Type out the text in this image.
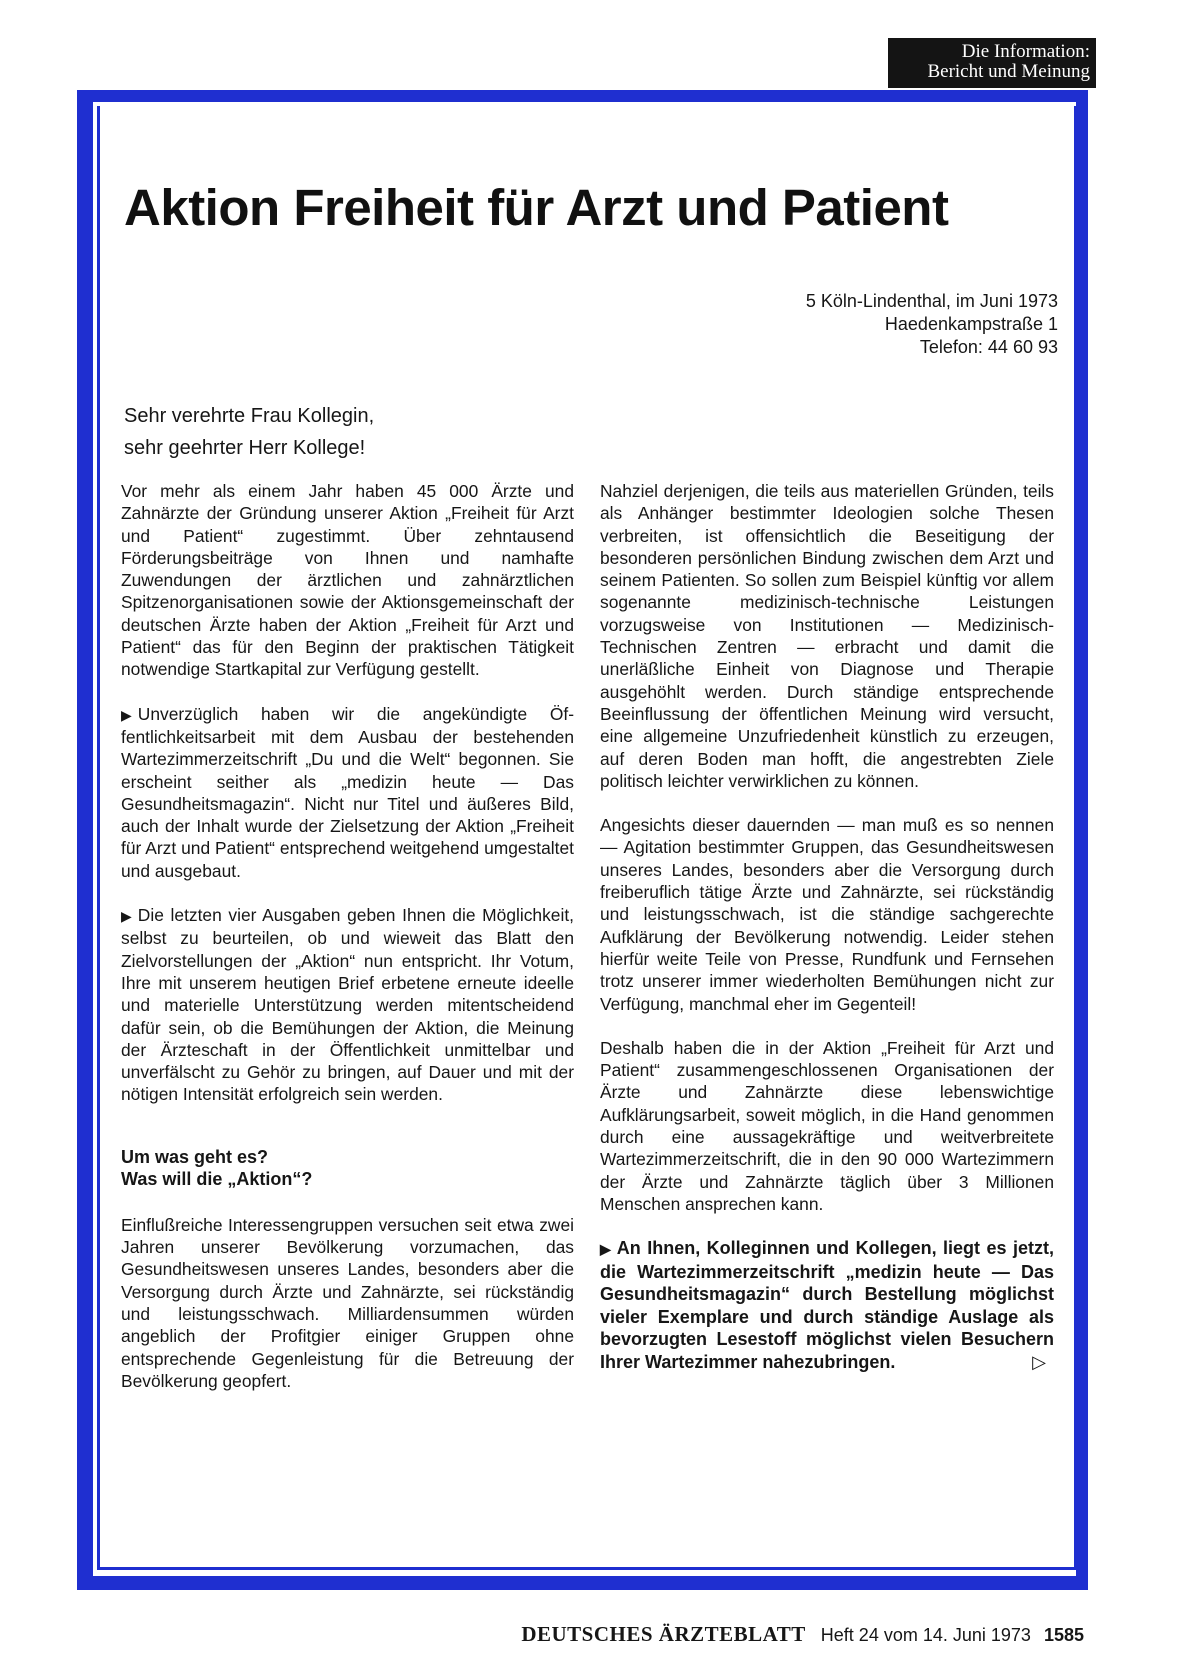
Die Information:
Bericht und Meinung
Aktion Freiheit für Arzt und Patient
5 Köln-Lindenthal, im Juni 1973
Haedenkampstraße 1
Telefon: 44 60 93
Sehr verehrte Frau Kollegin,
sehr geehrter Herr Kollege!

Vor mehr als einem Jahr haben 45 000 Ärzte und Zahnärzte der Gründung unserer Aktion „Freiheit für Arzt und Patient“ zugestimmt. Über zehntausend Förderungsbeiträge von Ihnen und namhafte Zuwendungen der ärztlichen und zahnärztlichen Spitzenorganisationen sowie der Aktionsgemeinschaft der deutschen Ärzte haben der Aktion „Freiheit für Arzt und Patient“ das für den Beginn der praktischen Tätigkeit notwendige Startkapital zur Verfügung gestellt.

▶ Unverzüglich haben wir die angekündigte Öffentlichkeitsarbeit mit dem Ausbau der bestehenden Wartezimmerzeitschrift „Du und die Welt“ begonnen. Sie erscheint seither als „medizin heute — Das Gesundheitsmagazin“. Nicht nur Titel und äußeres Bild, auch der Inhalt wurde der Zielsetzung der Aktion „Freiheit für Arzt und Patient“ entsprechend weitgehend umgestaltet und ausgebaut.

▶ Die letzten vier Ausgaben geben Ihnen die Möglichkeit, selbst zu beurteilen, ob und wieweit das Blatt den Zielvorstellungen der „Aktion“ nun entspricht. Ihr Votum, Ihre mit unserem heutigen Brief erbetene erneute ideelle und materielle Unterstützung werden mitentscheidend dafür sein, ob die Bemühungen der Aktion, die Meinung der Ärzteschaft in der Öffentlichkeit unmittelbar und unverfälscht zu Gehör zu bringen, auf Dauer und mit der nötigen Intensität erfolgreich sein werden.

Um was geht es?
Was will die „Aktion“?

Einflußreiche Interessengruppen versuchen seit etwa zwei Jahren unserer Bevölkerung vorzumachen, das Gesundheitswesen unseres Landes, besonders aber die Versorgung durch Ärzte und Zahnärzte, sei rückständig und leistungsschwach. Milliardensummen würden angeblich der Profitgier einiger Gruppen ohne entsprechende Gegenleistung für die Betreuung der Bevölkerung geopfert.

Nahziel derjenigen, die teils aus materiellen Gründen, teils als Anhänger bestimmter Ideologien solche Thesen verbreiten, ist offensichtlich die Beseitigung der besonderen persönlichen Bindung zwischen dem Arzt und seinem Patienten. So sollen zum Beispiel künftig vor allem sogenannte medizinisch-technische Leistungen vorzugsweise von Institutionen — Medizinisch-Technischen Zentren — erbracht und damit die unerläßliche Einheit von Diagnose und Therapie ausgehöhlt werden. Durch ständige entsprechende Beeinflussung der öffentlichen Meinung wird versucht, eine allgemeine Unzufriedenheit künstlich zu erzeugen, auf deren Boden man hofft, die angestrebten Ziele politisch leichter verwirklichen zu können.

Angesichts dieser dauernden — man muß es so nennen — Agitation bestimmter Gruppen, das Gesundheitswesen unseres Landes, besonders aber die Versorgung durch freiberuflich tätige Ärzte und Zahnärzte, sei rückständig und leistungsschwach, ist die ständige sachgerechte Aufklärung der Bevölkerung notwendig. Leider stehen hierfür weite Teile von Presse, Rundfunk und Fernsehen trotz unserer immer wiederholten Bemühungen nicht zur Verfügung, manchmal eher im Gegenteil!

Deshalb haben die in der Aktion „Freiheit für Arzt und Patient“ zusammengeschlossenen Organisationen der Ärzte und Zahnärzte diese lebenswichtige Aufklärungsarbeit, soweit möglich, in die Hand genommen durch eine aussagekräftige und weitverbreitete Wartezimmerzeitschrift, die in den 90 000 Wartezimmern der Ärzte und Zahnärzte täglich über 3 Millionen Menschen ansprechen kann.

▶ An Ihnen, Kolleginnen und Kollegen, liegt es jetzt, die Wartezimmerzeitschrift „medizin heute — Das Gesundheitsmagazin“ durch Bestellung möglichst vieler Exemplare und durch ständige Auslage als bevorzugten Lesestoff möglichst vielen Besuchern Ihrer Wartezimmer nahezubringen.	▷

DEUTSCHES ÄRZTEBLATT Heft 24 vom 14. Juni 1973 1585
